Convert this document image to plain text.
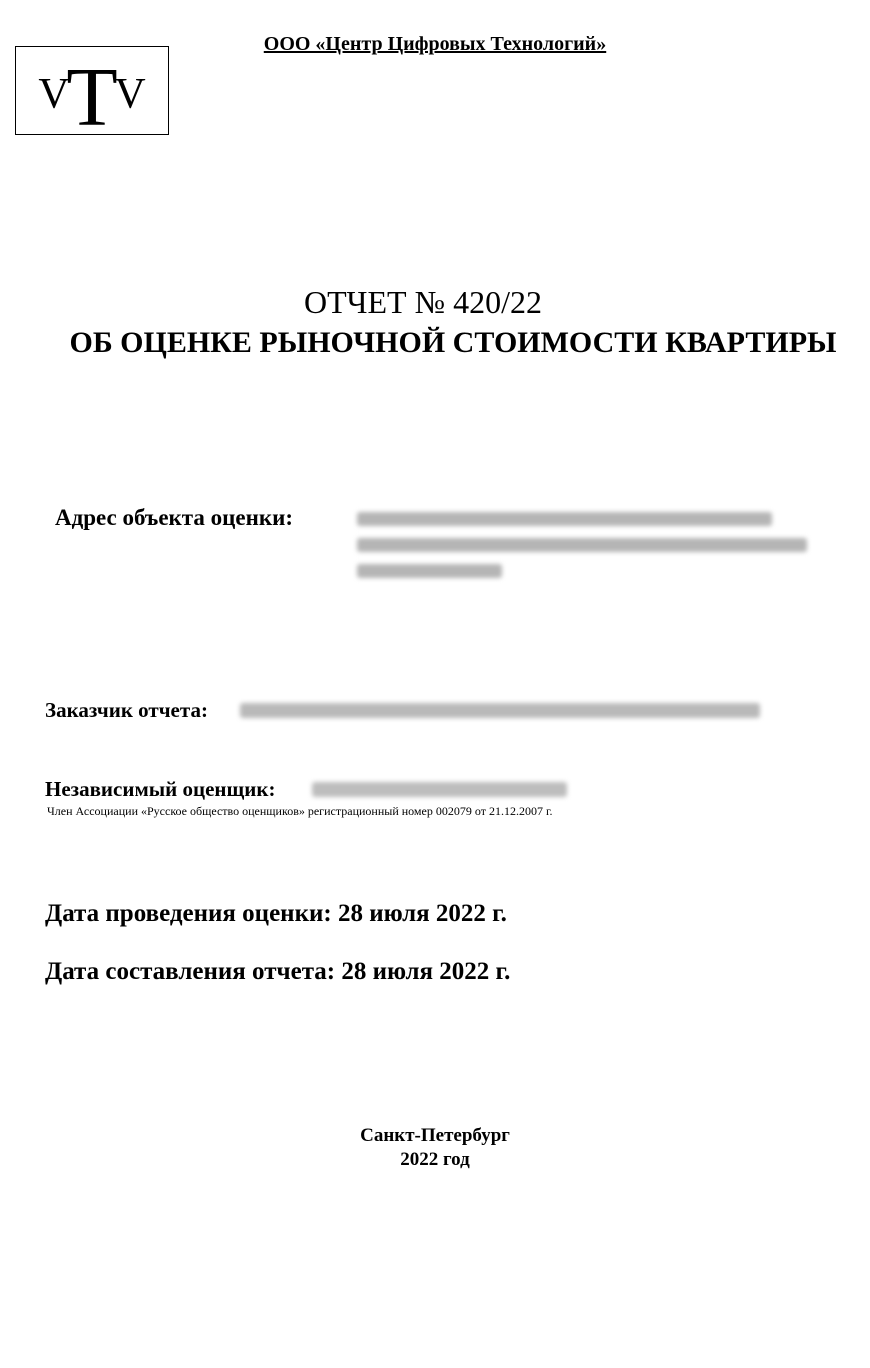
V V
T
ООО «Центр Цифровых Технологий»
ОТЧЕТ № 420/22
ОБ ОЦЕНКЕ РЫНОЧНОЙ СТОИМОСТИ КВАРТИРЫ
Адрес объекта оценки:
Заказчик отчета:
Независимый оценщик:
Член Ассоциации «Русское общество оценщиков» регистрационный номер 002079 от 21.12.2007 г.
Дата проведения оценки: 28 июля 2022 г.
Дата составления отчета: 28 июля 2022 г.
Санкт-Петербург
2022 год
